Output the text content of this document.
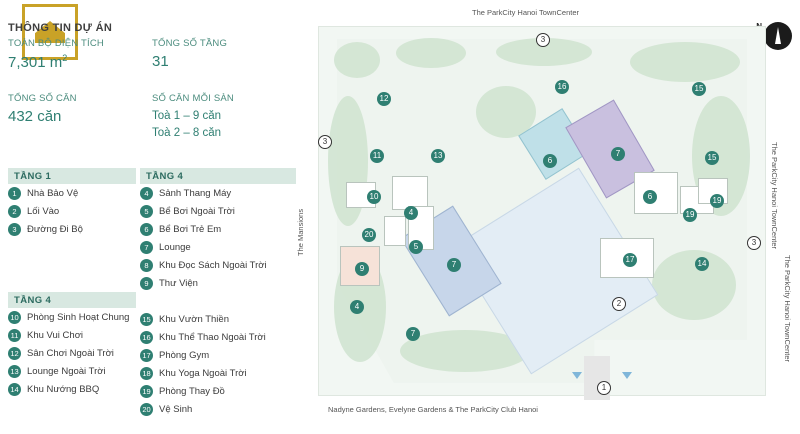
THÔNG TIN DỰ ÁN
TOÀN BỘ DIỆN TÍCH
7,301 $m^2$
TỔNG SỐ TẦNG
31
TỔNG SỐ CĂN
432 căn
SỐ CĂN MỖI SÀN
Toà 1 – 9 căn
Toà 2 – 8 căn
TẦNG 1
1	Nhà Bảo Vệ
2	Lối Vào
3	Đường Đi Bộ
TẦNG 4
4	Sảnh Thang Máy
5	Bể Bơi Ngoài Trời
6	Bể Bơi Trẻ Em
7	Lounge
8	Khu Đọc Sách Ngoài Trời
9	Thư Viện
TẦNG 4
10 Phòng Sinh Hoạt Chung
11 Khu Vui Chơi
12 Sân Chơi Ngoài Trời
13 Lounge Ngoài Trời
14 Khu Nướng BBQ
15 Khu Vườn Thiền
16 Khu Thể Thao Ngoài Trời
17 Phòng Gym
18 Khu Yoga Ngoài Trời
19 Phòng Thay Đồ
20 Vệ Sinh
The ParkCity Hanoi TownCenter
The Mansions	The ParkCity Hanoi TownCenter
The ParkCity Hanoi TownCenter
Nadyne Gardens, Evelyne Gardens & The ParkCity Club Hanoi
3
3
3
2
1
12
16	15
11	13
6
7	15
10	6
19
19
4
20
5
7
17	14
9
4
7
